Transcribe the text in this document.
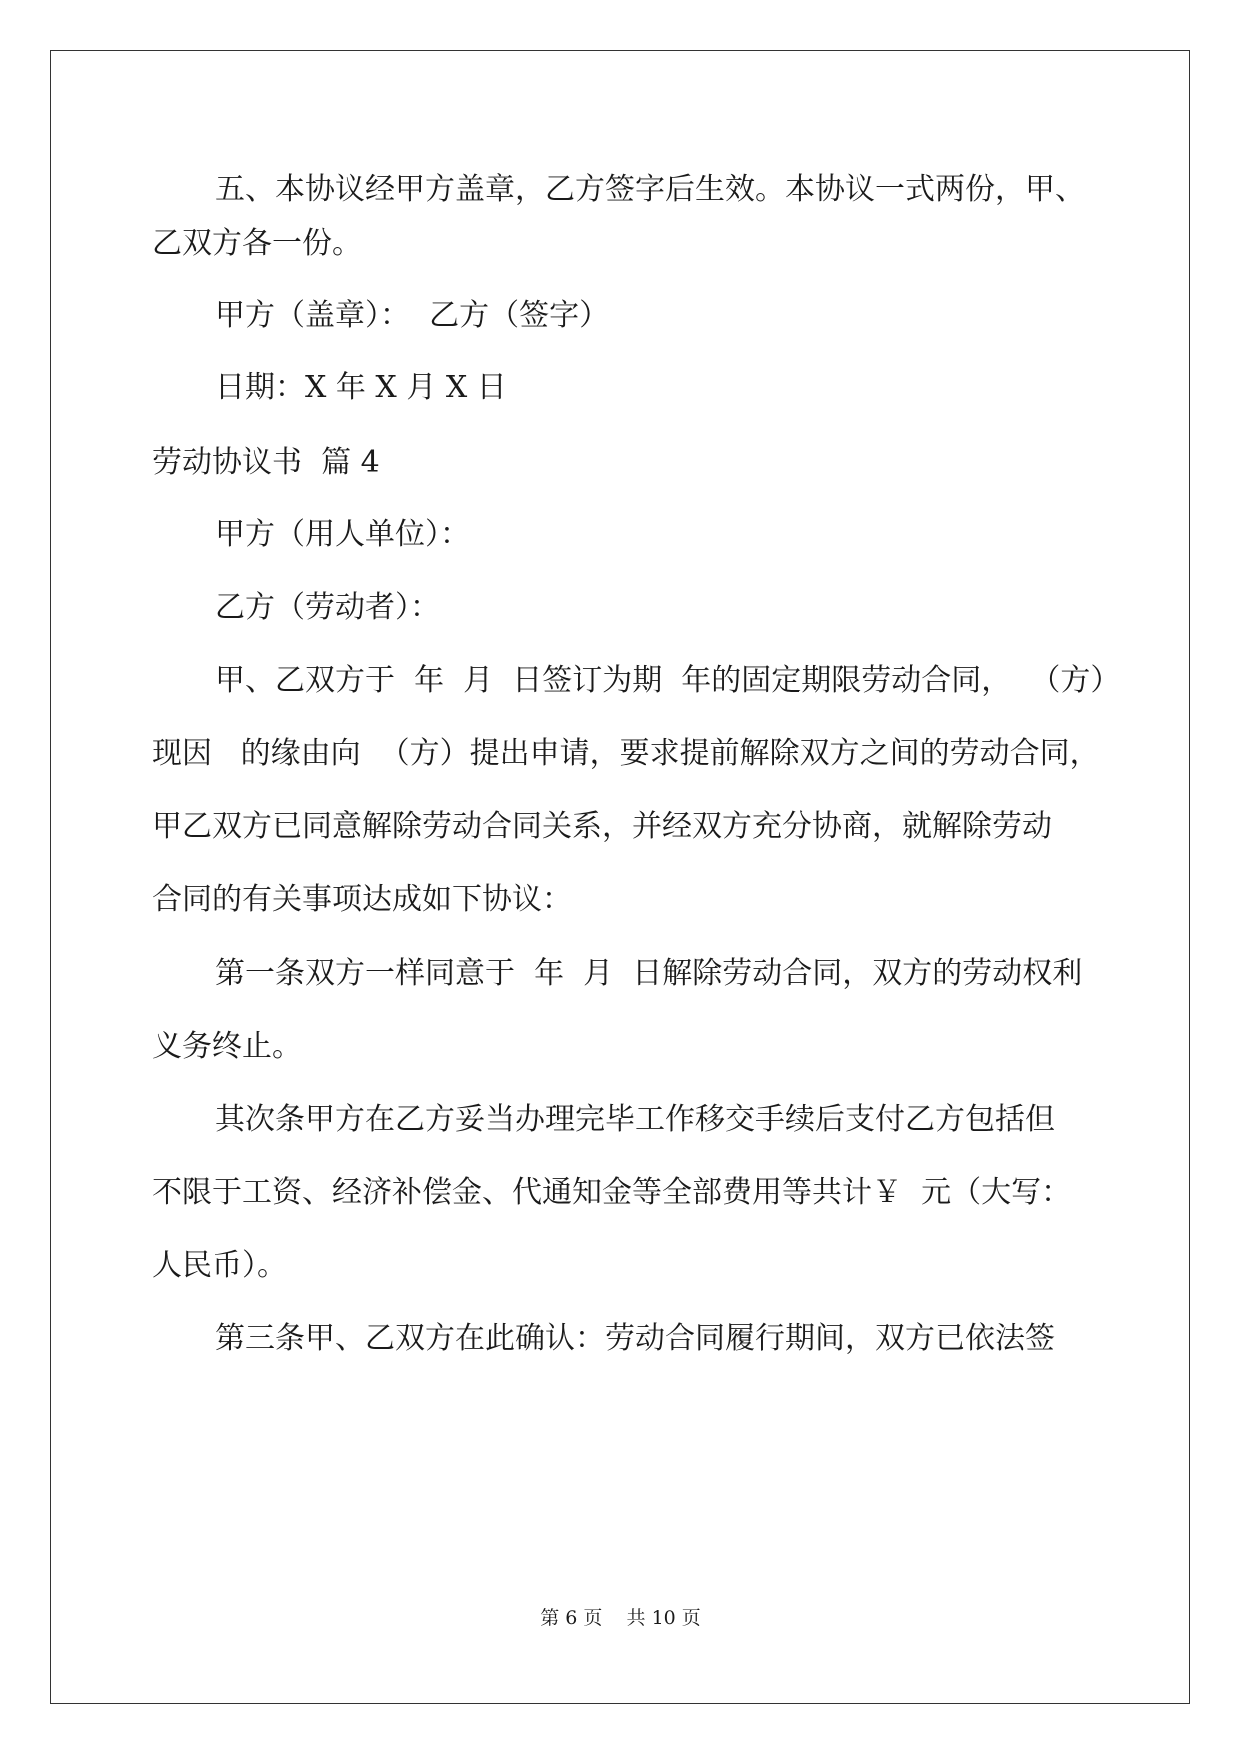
五、本协议经甲方盖章，乙方签字后生效。本协议一式两份，甲、

乙双方各一份。

甲方（盖章）：  乙方（签字）

日期：X 年 X 月 X 日

劳动协议书  篇 4

甲方（用人单位）：

乙方（劳动者）：

甲、乙双方于  年  月  日签订为期  年的固定期限劳动合同，  （方）

现因   的缘由向  （方）提出申请，要求提前解除双方之间的劳动合同，

甲乙双方已同意解除劳动合同关系，并经双方充分协商，就解除劳动

合同的有关事项达成如下协议：

第一条双方一样同意于  年  月  日解除劳动合同，双方的劳动权利

义务终止。

其次条甲方在乙方妥当办理完毕工作移交手续后支付乙方包括但

不限于工资、经济补偿金、代通知金等全部费用等共计￥  元（大写：

人民币）。

第三条甲、乙双方在此确认：劳动合同履行期间，双方已依法签

第 6 页    共 10 页
